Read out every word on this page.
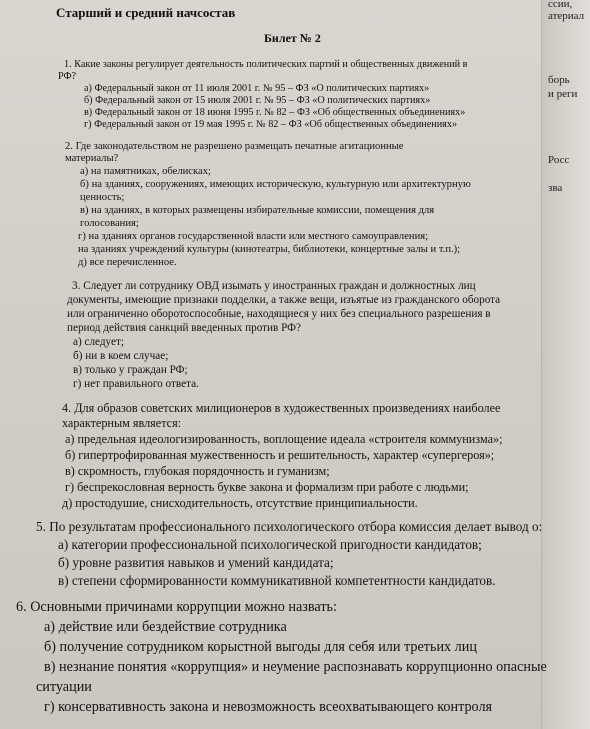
ссии,
атериал
борь
и реги
Росс
зва
Старший и средний начсостав
Билет № 2
1. Какие законы регулирует деятельность политических партий и общественных движений в
РФ?
а) Федеральный закон от 11 июля 2001 г. № 95 – ФЗ «О политических партиях»
б) Федеральный закон от 15 июля 2001 г. № 95 – ФЗ «О политических партиях»
в) Федеральный закон от 18 июня 1995 г. № 82 – ФЗ «Об общественных объединениях»
г) Федеральный закон от 19 мая 1995 г. № 82 – ФЗ «Об общественных объединениях»
2. Где законодательством не разрешено размещать печатные агитационные
материалы?
а) на памятниках, обелисках;
б) на зданиях, сооружениях, имеющих историческую, культурную или архитектурную
ценность;
в) на зданиях, в которых размещены избирательные комиссии, помещения для
голосования;
г) на зданиях органов государственной власти или местного самоуправления;
на зданиях учреждений культуры (кинотеатры, библиотеки, концертные залы и т.п.);
д) все перечисленное.
3. Следует ли сотруднику ОВД изымать у иностранных граждан и должностных лиц
документы, имеющие признаки подделки, а также вещи, изъятые из гражданского оборота
или ограниченно оборотоспособные, находящиеся у них без специального разрешения в
период действия санкций введенных против РФ?
а) следует;
б) ни в коем случае;
в) только у граждан РФ;
г) нет правильного ответа.
4. Для образов советских милиционеров в художественных произведениях наиболее
характерным является:
а) предельная идеологизированность, воплощение идеала «строителя коммунизма»;
б) гипертрофированная мужественность и решительность, характер «супергероя»;
в) скромность, глубокая порядочность и гуманизм;
г) беспрекословная верность букве закона и формализм при работе с людьми;
д) простодушие, снисходительность, отсутствие принципиальности.
5. По результатам профессионального психологического отбора комиссия делает вывод о:
а) категории профессиональной психологической пригодности кандидатов;
б) уровне развития навыков и умений кандидата;
в) степени сформированности коммуникативной компетентности кандидатов.
6. Основными причинами коррупции можно назвать:
а) действие или бездействие сотрудника
б) получение сотрудником корыстной выгоды для себя или третьих лиц
в) незнание понятия «коррупция» и неумение распознавать коррупционно опасные
ситуации
г) консервативность закона и невозможность всеохватывающего контроля
